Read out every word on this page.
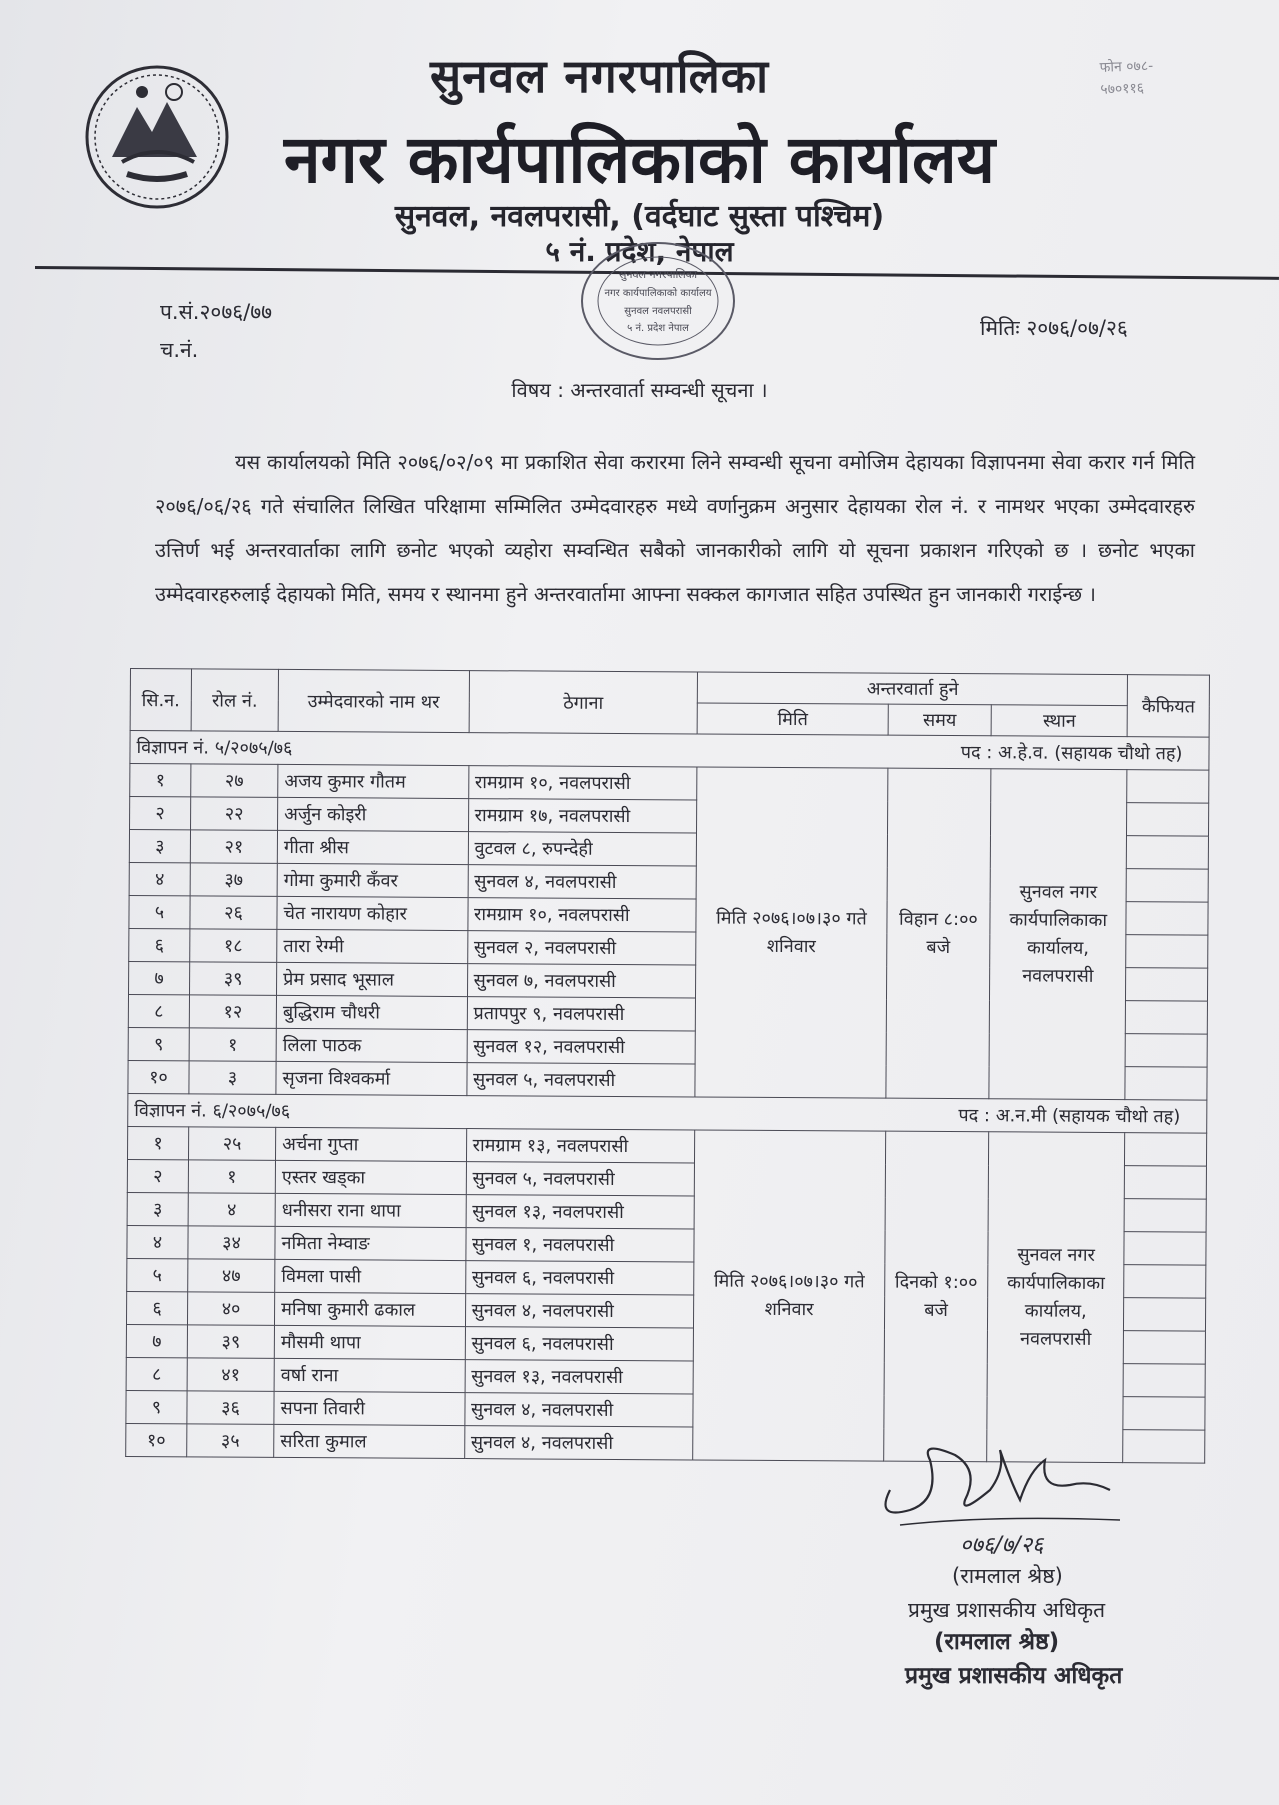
सुनवल नगरपालिका
नगर कार्यपालिकाको कार्यालय
सुनवल, नवलपरासी, (वर्दघाट सुस्ता पश्चिम)
५ नं. प्रदेश, नेपाल
फोन ०७८-
५७०११६
सुनवल नगरपालिका
नगर कार्यपालिकाको कार्यालय
सुनवल नवलपरासी
५ नं. प्रदेश नेपाल
प.सं.२०७६/७७
च.नं.
मितिः २०७६/०७/२६
विषय : अन्तरवार्ता सम्वन्धी सूचना ।
यस कार्यालयको मिति २०७६/०२/०९ मा प्रकाशित सेवा करारमा लिने सम्वन्धी सूचना वमोजिम देहायका विज्ञापनमा सेवा करार गर्न मिति २०७६/०६/२६ गते संचालित लिखित परिक्षामा सम्मिलित उम्मेदवारहरु मध्ये वर्णानुक्रम अनुसार देहायका रोल नं. र नामथर भएका उम्मेदवारहरु उत्तिर्ण भई अन्तरवार्ताका लागि छनोट भएको व्यहोरा सम्वन्धित सबैको जानकारीको लागि यो सूचना प्रकाशन गरिएको छ । छनोट भएका उम्मेदवारहरुलाई देहायको मिति, समय र स्थानमा हुने अन्तरवार्तामा आफ्ना सक्कल कागजात सहित उपस्थित हुन जानकारी गराईन्छ ।
सि.न.	रोल नं.	उम्मेदवारको नाम थर	ठेगाना	अन्तरवार्ता हुने			कैफियत
				मिति	समय	स्थान	

विज्ञापन नं. ५/२०७५/७६ पद : अ.हे.व. (सहायक चौथो तह)							

१	२७	अजय कुमार गौतम	रामग्राम १०, नवलपरासी	मिति २०७६।०७।३० गते शनिवार	विहान ८:०० बजे	सुनवल नगर कार्यपालिकाका कार्यालय, नवलपरासी	
२	२२	अर्जुन कोइरी	रामग्राम १७, नवलपरासी				
३	२१	गीता श्रीस	वुटवल ८, रुपन्देही				
४	३७	गोमा कुमारी कँवर	सुनवल ४, नवलपरासी				
५	२६	चेत नारायण कोहार	रामग्राम १०, नवलपरासी				
६	१८	तारा रेग्मी	सुनवल २, नवलपरासी				
७	३९	प्रेम प्रसाद भूसाल	सुनवल ७, नवलपरासी				
८	१२	बुद्धिराम चौधरी	प्रतापपुर ९, नवलपरासी				
९	१	लिला पाठक	सुनवल १२, नवलपरासी				
१०	३	सृजना विश्वकर्मा	सुनवल ५, नवलपरासी				

विज्ञापन नं. ६/२०७५/७६ पद : अ.न.मी (सहायक चौथो तह)							

१	२५	अर्चना गुप्ता	रामग्राम १३, नवलपरासी	मिति २०७६।०७।३० गते शनिवार	दिनको १:०० बजे	सुनवल नगर कार्यपालिकाका कार्यालय, नवलपरासी	
२	१	एस्तर खड्का	सुनवल ५, नवलपरासी				
३	४	धनीसरा राना थापा	सुनवल १३, नवलपरासी				
४	३४	नमिता नेम्वाङ	सुनवल १, नवलपरासी				
५	४७	विमला पासी	सुनवल ६, नवलपरासी				
६	४०	मनिषा कुमारी ढकाल	सुनवल ४, नवलपरासी				
७	३९	मौसमी थापा	सुनवल ६, नवलपरासी				
८	४१	वर्षा राना	सुनवल १३, नवलपरासी				
९	३६	सपना तिवारी	सुनवल ४, नवलपरासी				
१०	३५	सरिता कुमाल	सुनवल ४, नवलपरासी				
०७६/७/२६
(रामलाल श्रेष्ठ)
प्रमुख प्रशासकीय अधिकृत
(रामलाल श्रेष्ठ)
प्रमुख प्रशासकीय अधिकृत
